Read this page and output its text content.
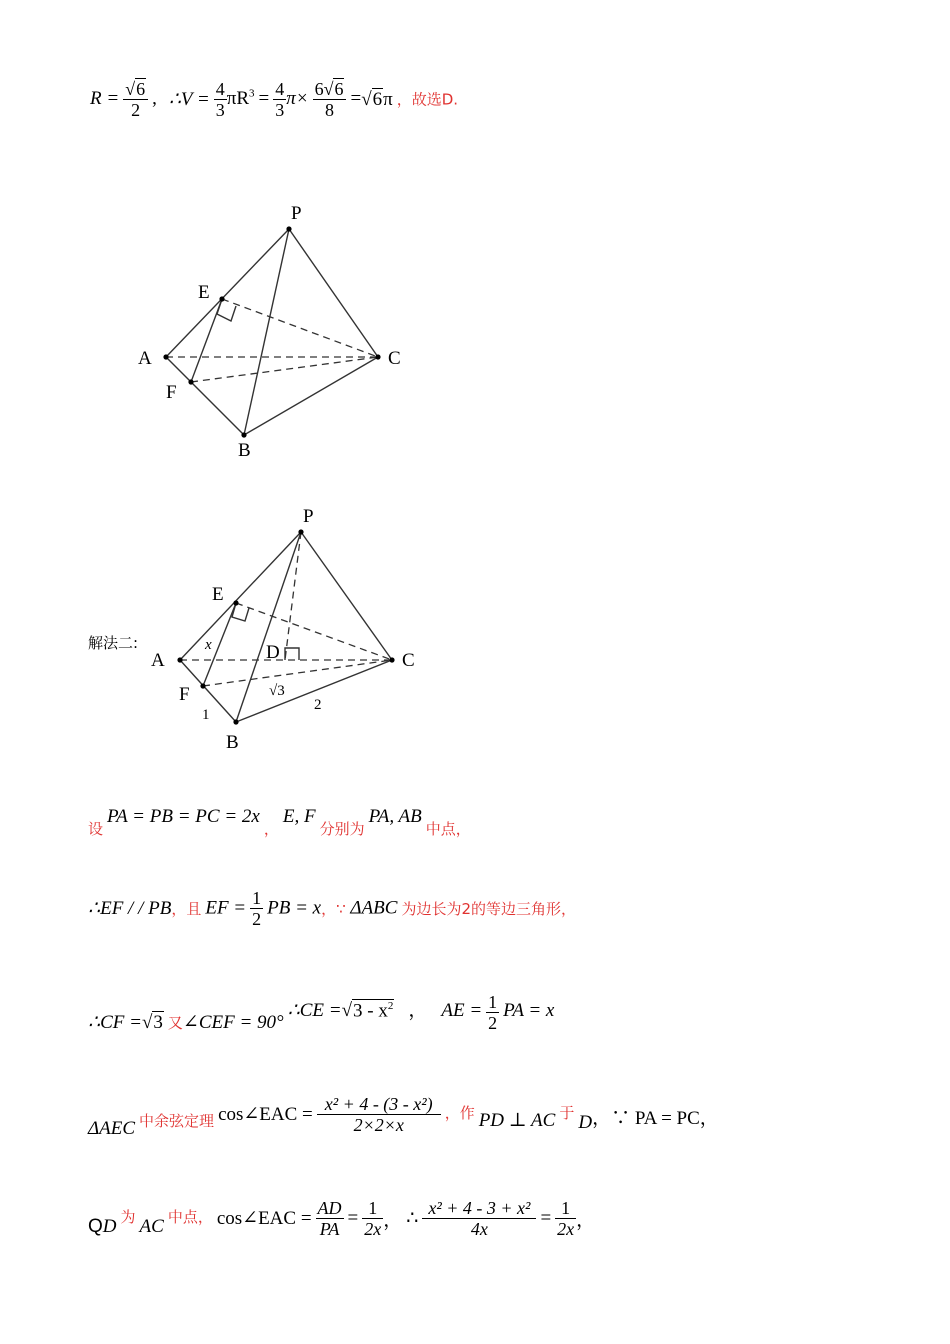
$R = \frac{√6}{2}$ , ∴V = $\frac{4}{3} \pi R^3 = \frac{4}{3} \pi\times \frac{6√6}{8} =√6\pi$ ，故选D.
P
E
A	C
F
B
解法二:
P
E
A	C
F
B
D
x
1
2
√3
设 PA = PB = PC = 2x ， E, F 分别为 PA, AB 中点，
∴EF / / PB，且 EF = $\frac{1}{2}$ PB = x，∵ ΔABC 为边长为2的等边三角形，
∴CF =√3 又∠CEF = 90° ∴CE $=√3 - x^2$ ， AE = $\frac{1}{2}$ PA = x
ΔAEC 中余弦定理 cos∠EAC = $\frac{\text{x² + 4 - (3 - x²)}}{2\times 2\times x}$ ，作 PD ⊥ AC 于 D，∵ PA = PC，
QD 为 AC 中点， cos∠EAC = $\frac{AD}{PA} = \frac{1}{2x}$ ， ∴ $\frac{\text{x² + 4 - 3 + x²}}{4x} = \frac{1}{2x}$ ，
